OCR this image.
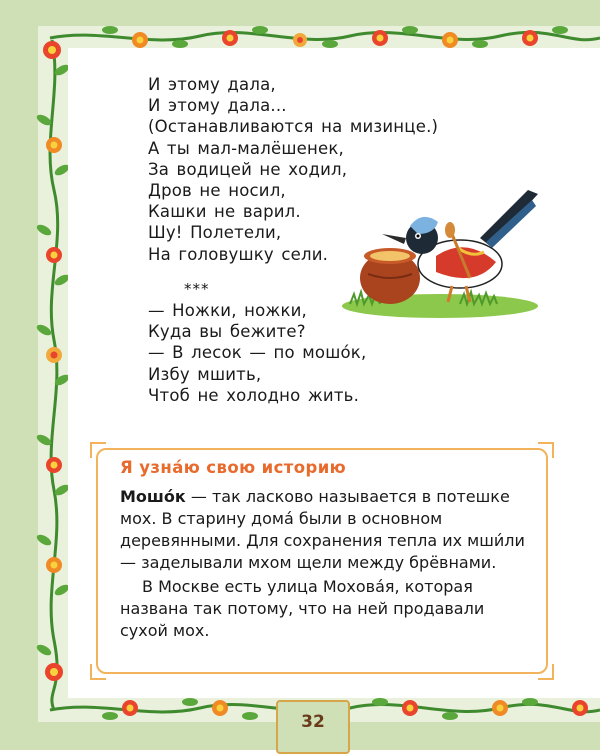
И этому дала,
И этому дала...
(Останавливаются на мизинце.)
А ты мал-малёшенек,
За водицей не ходил,
Дров не носил,
Кашки не варил.
Шу! Полетели,
На головушку сели.
***
— Ножки, ножки,
Куда вы бежите?
— В лесок — по мошо́к,
Избу мшить,
Чтоб не холодно жить.
Я узна́ю свою историю

Мошо́к — так ласково называется в потешке мох. В старину дома́ были в основном деревянными. Для сохранения тепла их мши́ли — заделывали мхом щели между брёвнами.

В Москве есть улица Мохова́я, которая названа так потому, что на ней продавали сухой мох.

32
